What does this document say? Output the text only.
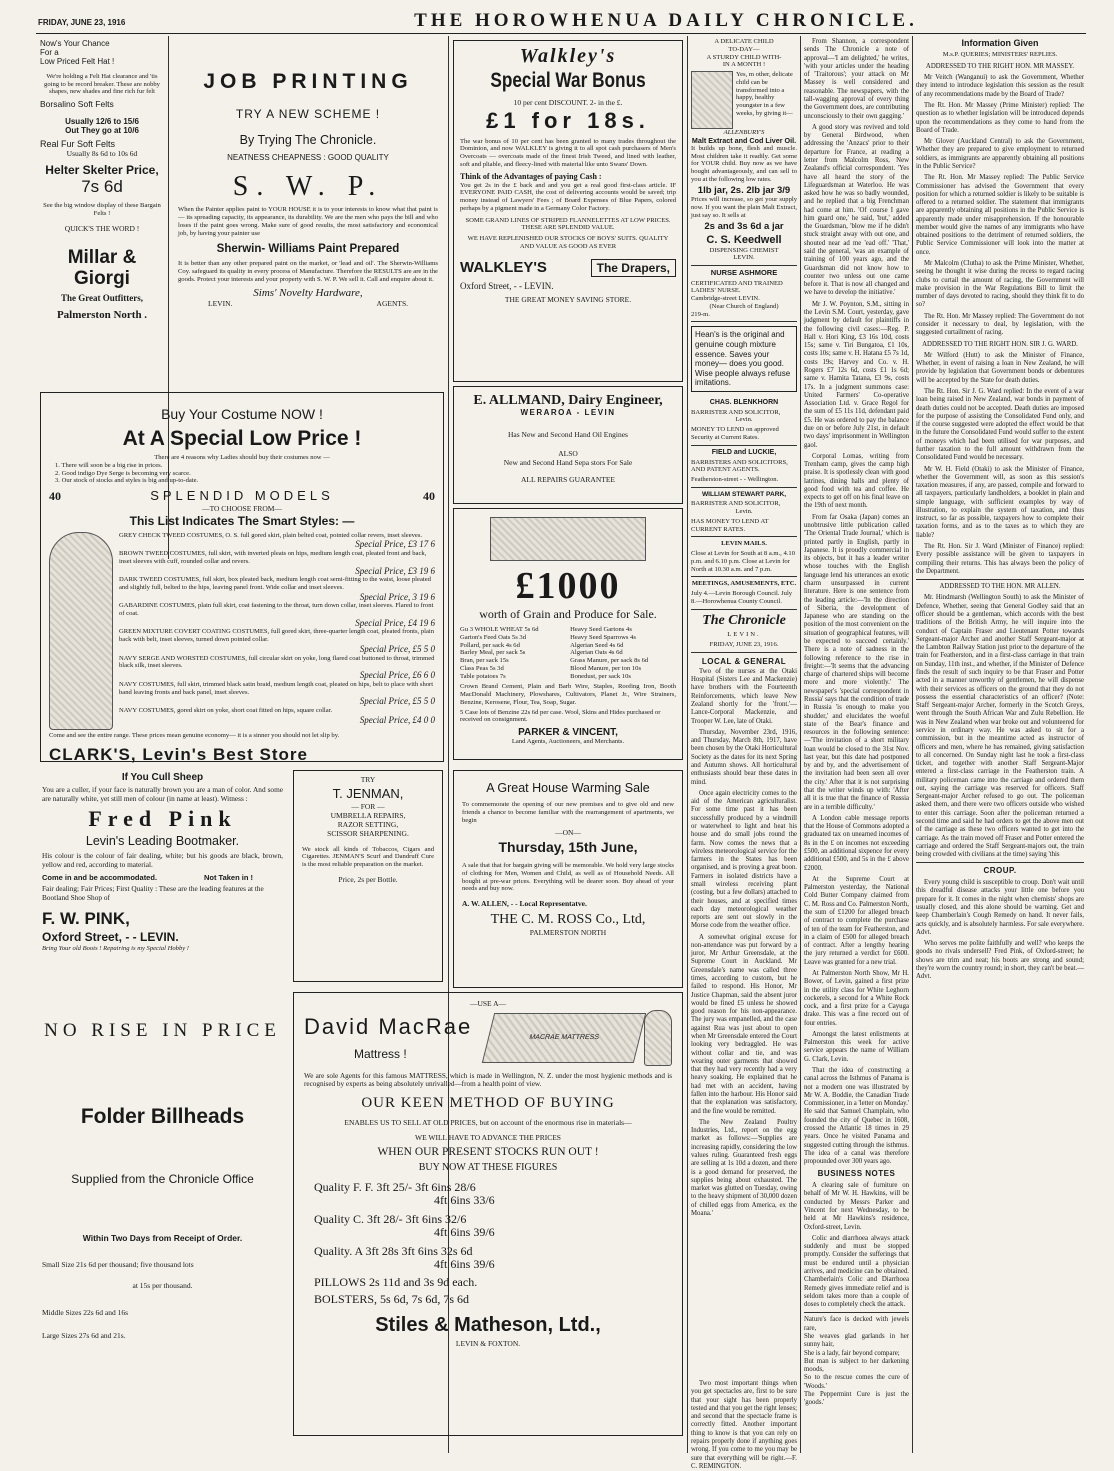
FRIDAY, JUNE 23, 1916	THE HOROWHENUA DAILY CHRONICLE.

Now's Your Chance

For a

Low Priced Felt Hat !

We're holding a Felt Hat clearance and 'tis going to be record breaker. These are nobby shapes, new shades and fine rich fur felt

Borsalino Soft Felts

Usually 12/6 to 15/6

Out They go at 10/6

Real Fur Soft Felts

Usually 8s 6d to 10s 6d

Helter Skelter Price,

7s 6d

See the big window display of these Bargain Felts !

QUICK'S THE WORD !

Millar & Giorgi

The Great Outfitters,

Palmerston North .

JOB PRINTING

TRY A NEW SCHEME !

By Trying The Chronicle.

NEATNESS CHEAPNESS : GOOD QUALITY

S. W. P.

When the Painter applies paint to YOUR HOUSE it is to your interests to know what that paint is — its spreading capacity, its appearance, its durability. We are the men who pays the bill and who loses if the paint goes wrong. Make sure of good results, the most satisfactory and economical job, by having your painter use

Sherwin- Williams Paint Prepared

It is better than any other prepared paint on the market, or 'lead and oil'. The Sherwin-Williams Coy. safeguard its quality in every process of Manufacture. Therefore the RESULTS are are in the goods. Protect your interests and your property with S. W. P. We sell it. Call and enquire about it.

Sims' Novelty Hardware,

LEVIN.	AGENTS.

Walkley's

Special War Bonus

10 per cent DISCOUNT. 2- in the £.

£1 for 18s.

The war bonus of 10 per cent has been granted to many trades throughout the Dominion, and now WALKLEY is giving it to all spot cash purchasers of Men's Overcoats — overcoats made of the finest Irish Tweed, and lined with leather, soft and pliable, and fleecy-lined with material like unto Swans' Down.

Think of the Advantages of paying Cash :

You get 2s in the £ back and and you get a real good first-class article. IF EVERYONE PAID CASH, the cost of delivering accounts would be saved; trip money instead of Lawyers' Fees ; of Board Expenses of Blue Papers, colored perhaps by a pigment made in a Germany Color Factory.

SOME GRAND LINES OF STRIPED FLANNELETTES AT LOW PRICES. THESE ARE SPLENDID VALUE.

WE HAVE REPLENISHED OUR STOCKS OF BOYS' SUITS. QUALITY AND VALUE AS GOOD AS EVER

WALKLEY'S	The Drapers,

Oxford Street, - - LEVIN.

THE GREAT MONEY SAVING STORE.

E. ALLMAND, Dairy Engineer,

WERAROA - LEVIN

Has New and Second Hand Oil Engines

ALSO

New and Second Hand Sepa stors For Sale

ALL REPAIRS GUARANTEE

£1000

worth of Grain and Produce for Sale.

Gu 3 WHOLE WHEAT 5s 6d
Garton's Feed Oats 5s 3d
Pollard, per sack 4s 6d
Barley Meal, per sack 5s
Bran, per sack 15s
Class Peas 5s 3d
Table potatoes 7s
Heavy Seed Gartons 4s
Heavy Seed Sparrows 4s
Algerian Seed 4s 6d
Algerian Oats 4s 6d
Grass Manure, per sack 8s 6d
Blood Manure, per ton 10s
Bonedust, per sack 10s

Crown Brand Cement, Plain and Barb Wire, Staples, Roofing Iron, Booth MacDonald Machinery, Plowshares, Cultivators, Planet Jr., Wire Strainers, Benzine, Kerosene, Flour, Tea, Soap, Sugar.

5 Case lots of Benzine 22s 6d per case. Wool, Skins and Hides purchased or received on consignment.

PARKER & VINCENT,

Land Agents, Auctioneers, and Merchants.

Buy Your Costume NOW !

At A Special Low Price !

There are 4 reasons why Ladies should buy their costumes now —

1. There will soon be a big rise in prices.
2. Good indigo Dye Serge is becoming very scarce.
3. Our stock of stocks and styles is big and up-to-date.
40	SPLENDID MODELS	40

—TO CHOOSE FROM—

This List Indicates The Smart Styles: —

GREY CHECK TWEED COSTUMES, O. S. full gored skirt, plain belted coat, pointed collar revers, inset sleeves.
Special Price, £3 17 6
BROWN TWEED COSTUMES, full skirt, with inverted pleats on hips, medium length coat, pleated front and back, inset sleeves with cuff, rounded collar and revers.
Special Price, £3 19 6
DARK TWEED COSTUMES, full skirt, box pleated back, medium length coat semi-fitting to the waist, loose pleated and slightly full, belted to the hips, leaving panel front. Wide collar and inset sleeves.
Special Price, 3 19 6
GABARDINE COSTUMES, plain full skirt, coat fastening to the throat, turn down collar, inset sleeves. Flared to front of coat.
Special Price, £4 19 6
GREEN MIXTURE COVERT COATING COSTUMES, full gored skirt, three-quarter length coat, pleated fronts, plain back with belt, inset sleeves, turned down pointed collar.
Special Price, £5 5 0
NAVY SERGE AND WORSTED COSTUMES, full circular skirt on yoke, long flared coat buttoned to throat, trimmed black silk, inset sleeves.
Special Price, £6 6 0
NAVY COSTUMES, full skirt, trimmed black satin braid, medium length coat, pleated on hips, belt to place with short band leaving fronts and back panel, inset sleeves.
Special Price, £5 5 0
NAVY COSTUMES, gored skirt on yoke, short coat fitted on hips, square collar.
Special Price, £4 0 0

Come and see the entire range. These prices mean genuine economy— it is a sinner you should not let slip by.

CLARK'S, Levin's Best Store

If You Cull Sheep

You are a culler, if your face is naturally brown you are a man of color. And some are naturally white, yet still men of colour (in name at least). Witness :

Fred Pink

Levin's Leading Bootmaker.

His colour is the colour of fair dealing, white; but his goods are black, brown, yellow and red, according to material.

Come in and be accommodated.	Not Taken in !

Fair dealing; Fair Prices; First Quality : These are the leading features at the Bootland Shoe Shop of

F. W. PINK,

Oxford Street, - - LEVIN.

Bring Your old Boots ! Repairing is my Special Hobby !

TRY

T. JENMAN,

— FOR —

UMBRELLA REPAIRS,

RAZOR SETTING,

SCISSOR SHARPENING.

We stock all kinds of Tobaccos, Cigars and Cigarettes. JENMAN'S Scurf and Dandruff Cure is the most reliable preparation on the market.

Price, 2s per Bottle.

A Great House Warming Sale

To commemorate the opening of our new premises and to give old and new friends a chance to become familiar with the rearrangement of apartments, we begin

—ON—

Thursday, 15th June,

A sale that that for bargain giving will be memorable. We hold very large stocks of clothing for Men, Women and Child, as well as of Household Needs. All bought at pre-war prices. Everything will be dearer soon. Buy ahead of your needs and buy now.

A. W. ALLEN, - - Local Representatve.

THE C. M. ROSS Co., Ltd,

PALMERSTON NORTH

NO RISE IN PRICE

Folder Billheads

Supplied from the Chronicle Office

Within Two Days from Receipt of Order.

Small Size 21s 6d per thousand; five thousand lots

at 15s per thousand.

Middle Sizes 22s 6d and 16s

Large Sizes 27s 6d and 21s.

—USE A—

David MacRae

Mattress !

MACRAE MATTRESS

We are sole Agents for this famous MATTRESS, which is made in Wellington, N. Z. under the most hygienic methods and is recognised by experts as being absolutely unrivalled—from a health point of view.

OUR KEEN METHOD OF BUYING

ENABLES US TO SELL AT OLD PRICES, but on account of the enormous rise in materials—

WE WILL HAVE TO ADVANCE THE PRICES

WHEN OUR PRESENT STOCKS RUN OUT !

BUY NOW AT THESE FIGURES

Quality F. F. 3ft 25/- 3ft 6ins 28/6

4ft 6ins 33/6

Quality C. 3ft 28/- 3ft 6ins 32/6

4ft 6ins 39/6

Quality. A 3ft 28s 3ft 6ins 32s 6d

4ft 6ins 39/6

PILLOWS 2s 11d and 3s 9d each.

BOLSTERS, 5s 6d, 7s 6d, 7s 6d

Stiles & Matheson, Ltd.,

LEVIN & FOXTON.

A DELICATE CHILD

TO-DAY—

A STURDY CHILD WITH-

IN A MONTH !

Yes, m other, delicate child can be transformed into a happy, healthy youngster in a few weeks, by giving it—

ALLENBURY'S

Malt Extract and Cod Liver Oil.

It builds up bone, flesh and muscle. Most children take it readily. Get some for YOUR child. Buy now as we have bought advantageously, and can sell to you at the following low rates.

1lb jar, 2s. 2lb jar 3/9

Prices will increase, so get your supply now. If you want the plain Malt Extract, just say so. It sells at

2s and 3s 6d a jar

C. S. Keedwell

DISPENSING CHEMIST

LEVIN.

NURSE ASHMORE

CERTIFICATED AND TRAINED LADIES' NURSE.

Cambridge-street LEVIN.

(Near Church of England)

219-m.

Hean's is the original and genuine cough mixture essence. Saves your money— does you good. Wise people always refuse imitations.

CHAS. BLENKHORN

BARRISTER AND SOLICITOR,

Levin.

MONEY TO LEND on approved Security at Current Rates.

FIELD and LUCKIE,

BARRISTERS AND SOLICITORS, AND PATENT AGENTS.

Featherston-street - - Wellington.

WILLIAM STEWART PARK,

BARRISTER AND SOLICITOR,

Levin.

HAS MONEY TO LEND AT CURRENT RATES.

LEVIN MAILS.

Close at Levin for South at 8 a.m., 4.10 p.m. and 6.10 p.m. Close at Levin for North at 10.30 a.m. and 7 p.m.

MEETINGS, AMUSEMENTS, ETC.

July 4.—Levin Borough Council. July 8.—Horowhenua County Council.

The Chronicle

LEVIN.

FRIDAY, JUNE 23, 1916.

LOCAL & GENERAL

Two of the nurses at the Otaki Hospital (Sisters Lee and Mackenzie) have brothers with the Fourteenth Reinforcements, which leave New Zealand shortly for the 'front.'—Lance-Corporal Mackenzie, and Trooper W. Lee, late of Otaki.

Thursday, November 23rd, 1916, and Thursday, March 8th, 1917, have been chosen by the Otaki Horticultural Society as the dates for its next Spring and Autumn shows. All horticultural enthusiasts should bear these dates in mind.

Once again electricity comes to the aid of the American agriculturalist. For some time past it has been successfully produced by a windmill or waterwheel to light and heat his house and do small jobs round the farm. Now comes the news that a wireless meteorological service for the farmers in the States has been organised, and is proving a great boon. Farmers in isolated districts have a small wireless receiving plant (costing, but a few dollars) attached to their houses, and at specified times each day meteorological weather reports are sent out slowly in the Morse code from the weather office.

A somewhat original excuse for non-attendance was put forward by a juror, Mr Arthur Greensdale, at the Supreme Court in Auckland. Mr Greensdale's name was called three times, according to custom, but he failed to respond. His Honor, Mr Justice Chapman, said the absent juror would be fined £5 unless he showed good reason for his non-appearance. The jury was empanelled, and the case against Rua was just about to open when Mr Greensdale entered the Court looking very bedraggled. He was without collar and tie, and was wearing outer garments that showed that they had very recently had a very heavy soaking. He explained that he had met with an accident, having fallen into the harbour. His Honor said that the explanation was satisfactory, and the fine would be remitted.

The New Zealand Poultry Industries, Ltd., report on the egg market as follows:—'Supplies are increasing rapidly, considering the low values ruling. Guaranteed fresh eggs are selling at 1s 10d a dozen, and there is a good demand for preserved, the supplies being about exhausted. The market was glutted on Tuesday, owing to the heavy shipment of 30,000 dozen of chilled eggs from America, ex the Moana.'

Two most important things when you get spectacles are, first to be sure that your sight has been properly tested and that you get the right lenses; and second that the spectacle frame is correctly fitted. Another important thing to know is that you can rely on repairs properly done if anything goes wrong. If you come to me you may be sure that everything will be right.—F. C. REMINGTON.

From Shannon, a correspondent sends The Chronicle a note of approval—'I am delighted,' he writes, 'with your articles under the heading of 'Traitorous'; your attack on Mr Massey is well considered and reasonable. The newspapers, with the tall-wagging approval of every thing the Government does, are contributing unconsciously to their own gagging.'

A good story was revived and told by General Birdwood, when addressing the 'Anzacs' prior to their departure for France, at reading a letter from Malcolm Ross, New Zealand's official correspondent. 'Yes have all heard the story of the Lifeguardsman at Waterloo. He was asked how he was so badly wounded, and he replied that a big Frenchman had come at him. 'Of course I gave him guard one,' he said, 'but,' added the Guardsman, 'blow me if he didn't stuck straight away with out one, and shouted near ad me 'ead off.' 'That,' said the general, 'was an example of training of 100 years ago, and the Guardsman did not know how to counter two unless out one came before it. That is now all changed and we have to develop the initiative.'

Mr J. W. Poynton, S.M., sitting in the Levin S.M. Court, yesterday, gave judgment by default for plaintiffs in the following civil cases:—Reg. P. Hall v. Hori King, £3 16s 10d, costs 15s; same v. Tiri Bungatoa, £1 10s, costs 10s; same v. H. Hatana £5 7s 1d, costs 19s; Harvey and Co. v. H. Rogers £7 12s 6d, costs £1 1s 6d; same v. Hamita Tatana, £3 9s, costs 17s. In a judgment summons case: United Farmers' Co-operative Association Ltd. v. Grace Regol for the sum of £5 11s 11d, defendant paid £5. He was ordered to pay the balance due on or before July 21st, in default two days' imprisonment in Wellington gaol.

Corporal Lomas, writing from Trenham camp, gives the camp high praise. It is spotlessly clean with good latrines, dining halls and plenty of good food with tea and coffee. He expects to get off on his final leave on the 19th of next month.

From far Osaka (Japan) comes an unobtrusive little publication called 'The Oriental Trade Journal,' which is printed partly in English, partly in Japanese. It is proudly commercial in its objects, but it has a leader writer whose touches with the English language lend his utterances an exotic charm unsurpassed in current literature. Here is one sentence from the leading article:—'In the direction of Siberia, the development of Japanese who are standing on the position of the most convenient on the situation of geographical features, will be expected to succeed certainly.' There is a note of sadness in the following reference to the rise in freight:—'It seems that the advancing charge of chartered ships will become more and more violently.' The newspaper's 'special correspondent in Russia' says that the condition of trade in Russia 'is enough to make you shudder,' and elucidates the woeful state of the Bear's finance and resources in the following sentence:—'The invitation of a short military loan would be closed to the 31st Nov. last year, but this date had postponed by and by, and the advertisement of the invitation had been seen all over the city.' After that it is not surprising that the writer winds up with: 'After all it is true that the finance of Russia are in a terrible difficulty.'

A London cable message reports that the House of Commons adopted a graduated tax on unearned incomes of 8s in the £ on incomes not exceeding £500, an additional sixpence for every additional £500, and 5s in the £ above £2000.

At the Supreme Court at Palmerston yesterday, the National Cold Butter Company claimed from C. M. Ross and Co. Palmerston North, the sum of £1200 for alleged breach of contract to complete the purchase of ten of the team for Featherston, and in a claim of £500 for alleged breach of contract. After a lengthy hearing the jury returned a verdict for £600. Leave was granted for a new trial.

At Palmerston North Show, Mr H. Bower, of Levin, gained a first prize in the utility class for White Leghorn cockerels, a second for a White Rock cock, and a first prize for a Cayuga drake. This was a fine record out of four entries.

Amongst the latest enlistments at Palmerston this week for active service appears the name of William G. Clark, Levin.

That the idea of constructing a canal across the Isthmus of Panama is not a modern one was illustrated by Mr W. A. Boddie, the Canadian Trade Commissioner, in a 'letter on Monday.' He said that Samuel Champlain, who founded the city of Quebec in 1608, crossed the Atlantic 18 times in 29 years. Once he visited Panama and suggested cutting through the isthmus. The idea of a canal was therefore propounded over 300 years ago.

BUSINESS NOTES

A clearing sale of furniture on behalf of Mr W. H. Hawkins, will be conducted by Messrs Parker and Vincent for next Wednesday, to be held at Mr Hawkins's residence, Oxford-street, Levin.

Colic and diarrhoea always attack suddenly and must be stopped promptly. Consider the sufferings that must be endured until a physician arrives, and medicine can be obtained. Chamberlain's Colic and Diarrhoea Remedy gives immediate relief and is seldom takes more than a couple of doses to completely check the attack.

Nature's face is decked with jewels rare,
She weaves glad garlands in her sunny hair,
She is a lady, fair beyond compare;
But man is subject to her darkening moods,
So to the rescue comes the cure of 'Woods.'
The Peppermint Cure is just the 'goods.'

Information Given

M.s.P. QUERIES; MINISTERS' REPLIES.

ADDRESSED TO THE RIGHT HON. MR MASSEY.

Mr Veitch (Wanganui) to ask the Government, Whether they intend to introduce legislation this session as the result of any recommendations made by the Board of Trade?

The Rt. Hon. Mr Massey (Prime Minister) replied: The question as to whether legislation will be introduced depends upon the recommendations as they come to hand from the Board of Trade.

Mr Glover (Auckland Central) to ask the Government, Whether they are prepared to give employment to returned soldiers, as immigrants are apparently obtaining all positions in the Public Service?

The Rt. Hon. Mr Massey replied: The Public Service Commissioner has advised the Government that every position for which a returned soldier is likely to be suitable is offered to a returned soldier. The statement that immigrants are apparently obtaining all positions in the Public Service is apparently made under misapprehension. If the honourable member would give the names of any immigrants who have obtained positions to the detriment of returned soldiers, the Public Service Commissioner will look into the matter at once.

Mr Malcolm (Clutha) to ask the Prime Minister, Whether, seeing he thought it wise during the recess to regard racing clubs to curtail the amount of racing, the Government will make provision in the War Regulations Bill to limit the number of days devoted to racing, should they think fit to do so?

The Rt. Hon. Mr Massey replied: The Government do not consider it necessary to deal, by legislation, with the suggested curtailment of racing.

ADDRESSED TO THE RIGHT HON. SIR J. G. WARD.

Mr Wilford (Hutt) to ask the Minister of Finance, Whether, in event of raising a loan in New Zealand, he will provide by legislation that Government bonds or debentures will be accepted by the State for death duties.

The Rt. Hon. Sir J. G. Ward replied: In the event of a war loan being raised in New Zealand, war bonds in payment of death duties could not be accepted. Death duties are imposed for the purpose of assisting the Consolidated Fund only, and if the course suggested were adopted the effect would be that in the future the Consolidated Fund would suffer to the extent of moneys which had been utilised for war purposes, and further taxation to the full amount withdrawn from the Consolidated Fund would be necessary.

Mr W. H. Field (Otaki) to ask the Minister of Finance, whether the Government will, as soon as this session's taxation measures, if any, are passed, compile and forward to all taxpayers, particularly landholders, a booklet in plain and simple language, with sufficient examples by way of illustration, to explain the system of taxation, and thus instruct, so far as possible, taxpayers how to complete their taxation forms, and as to the taxes as to which they are liable?

The Rt. Hon. Sir J. Ward (Minister of Finance) replied: Every possible assistance will be given to taxpayers in compiling their returns. This has always been the policy of the Department.

ADDRESSED TO THE HON. MR ALLEN.

Mr. Hindmarsh (Wellington South) to ask the Minister of Defence, Whether, seeing that General Godley said that an officer should be a gentleman, which accords with the best traditions of the British Army, he will inquire into the conduct of Captain Fraser and Lieutenant Potter towards Sergeant-major Archer and another Staff Sergeant-major at the Lambton Railway Station just prior to the departure of the train for Featherston, and in a first-class carriage in that train on Sunday, 11th inst., and whether, if the Minister of Defence finds the result of such inquiry to be that Fraser and Potter acted in a manner unworthy of gentlemen, he will dispense with their services as officers on the ground that they do not possess the essential characteristics of an officer? (Note: Staff Sergeant-major Archer, formerly in the Scotch Greys, went through the South African War and Zulu Rebellion. He was in New Zealand when war broke out and volunteered for service in ordinary way. He was asked to sit for a commission, but in the meantime acted as instructor of officers and men, where he has remained, giving satisfaction to all concerned. On Sunday night last he took a first-class ticket, and together with another Staff Sergeant-Major entered a first-class carriage in the Featherston train. A military policeman came into the carriage and ordered them out, saying the carriage was reserved for officers. Staff Sergeant-major Archer refused to go out. The policeman asked them, and there were two officers outside who wished to enter this carriage. Soon after the policeman returned a second time and said he had orders to get the above men out of the carriage as these two officers wanted to get into the carriage. As the train moved off Fraser and Potter entered the carriage and ordered the Staff Sergeant-majors out, the train being crowded with civilians at the time) saying 'this

CROUP.

Every young child is susceptible to croup. Don't wait until this dreadful disease attacks your little one before you prepare for it. It comes in the night when chemists' shops are usually closed, and this alone should be warning. Get and keep Chamberlain's Cough Remedy on hand. It never fails, acts quickly, and is absolutely harmless. For sale everywhere. Advt.

Who serves me polite faithfully and well? who keeps the goods no rivals undersell? Fred Pink, of Oxford-street; he shows are trim and neat; his boots are strong and sound; they're worn the country round; in short, they can't be beat.—Advt.
